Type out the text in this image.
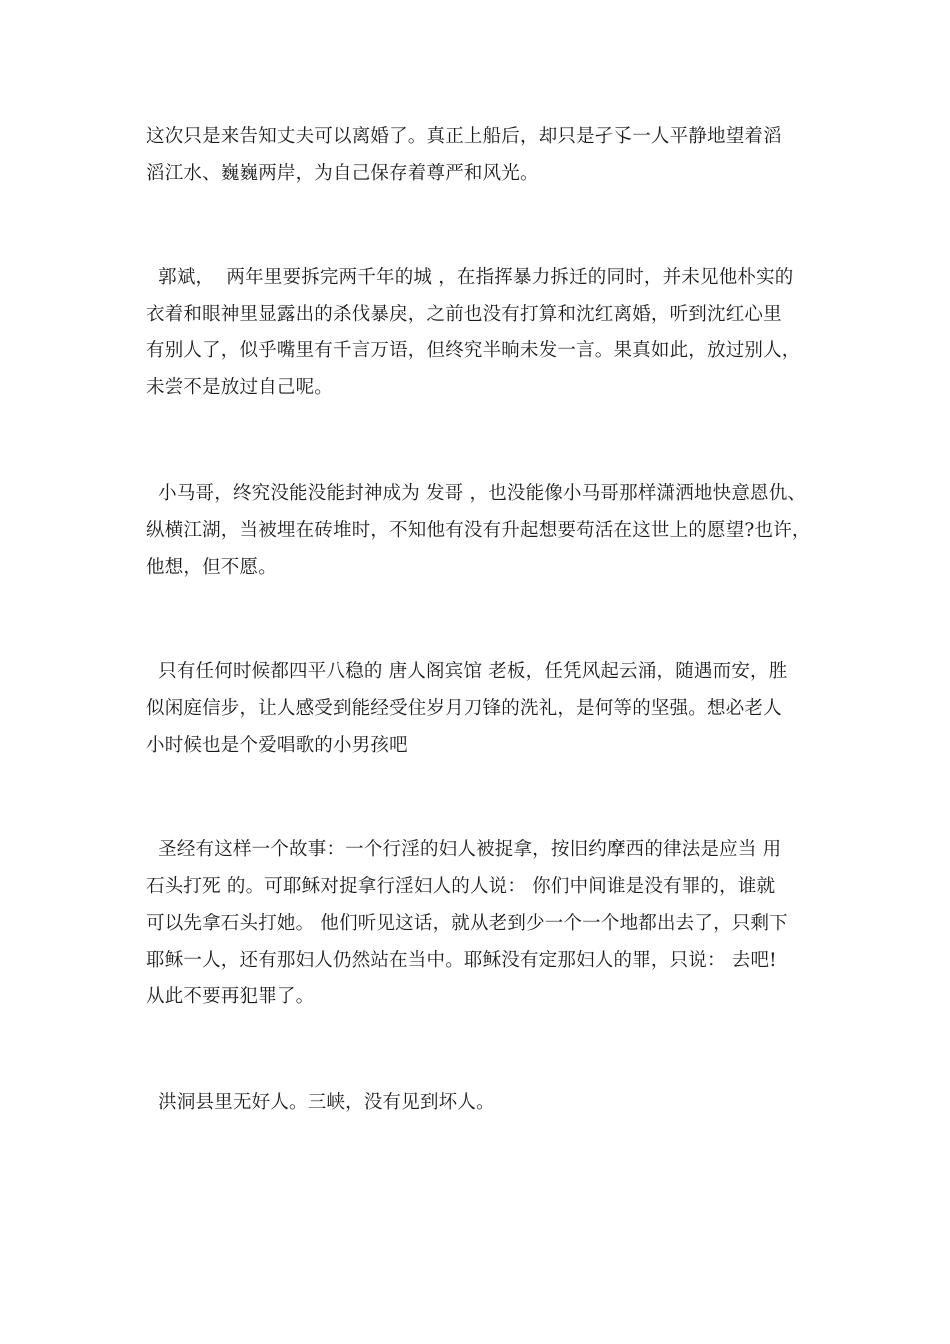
这次只是来告知丈夫可以离婚了。真正上船后，却只是孑孓一人平静地望着滔
滔江水、巍巍两岸，为自己保存着尊严和风光。
郭斌，  两年里要拆完两千年的城 ，在指挥暴力拆迁的同时，并未见他朴实的
衣着和眼神里显露出的杀伐暴戾，之前也没有打算和沈红离婚，听到沈红心里
有别人了，似乎嘴里有千言万语，但终究半晌未发一言。果真如此，放过别人，
未尝不是放过自己呢。
小马哥，终究没能没能封神成为 发哥 ，也没能像小马哥那样潇洒地快意恩仇、
纵横江湖，当被埋在砖堆时，不知他有没有升起想要苟活在这世上的愿望?也许，
他想，但不愿。
只有任何时候都四平八稳的 唐人阁宾馆 老板，任凭风起云涌，随遇而安，胜
似闲庭信步，让人感受到能经受住岁月刀锋的洗礼，是何等的坚强。想必老人
小时候也是个爱唱歌的小男孩吧
圣经有这样一个故事：一个行淫的妇人被捉拿，按旧约摩西的律法是应当 用
石头打死 的。可耶稣对捉拿行淫妇人的人说： 你们中间谁是没有罪的，谁就
可以先拿石头打她。 他们听见这话，就从老到少一个一个地都出去了，只剩下
耶稣一人，还有那妇人仍然站在当中。耶稣没有定那妇人的罪，只说： 去吧!
从此不要再犯罪了。
洪洞县里无好人。三峡，没有见到坏人。
